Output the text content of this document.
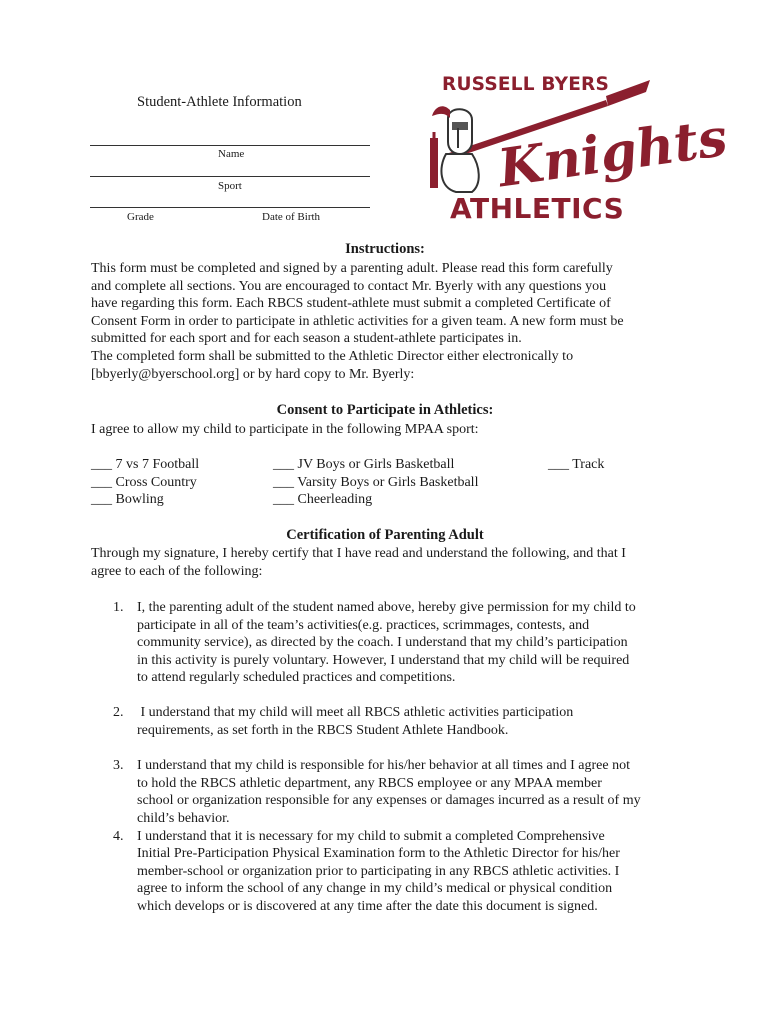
Student-Athlete Information
Name
Sport
Grade	Date of Birth
RUSSELL BYERS
Knights
ATHLETICS
Instructions:

This form must be completed and signed by a parenting adult. Please read this form carefully

and complete all sections. You are encouraged to contact Mr. Byerly with any questions you

have regarding this form. Each RBCS student-athlete must submit a completed Certificate of

Consent Form in order to participate in athletic activities for a given team. A new form must be

submitted for each sport and for each season a student-athlete participates in.

The completed form shall be submitted to the Athletic Director either electronically to

[bbyerly@byerschool.org] or by hard copy to Mr. Byerly:

Consent to Participate in Athletics:
I agree to allow my child to participate in the following MPAA sport:
___ 7 vs 7 Football
___ Cross Country
___ Bowling
___ JV Boys or Girls Basketball
___ Varsity Boys or Girls Basketball
___ Cheerleading
___ Track
Certification of Parenting Adult

Through my signature, I hereby certify that I have read and understand the following, and that I

agree to each of the following:

1. I, the parenting adult of the student named above, hereby give permission for my child to
participate in all of the team’s activities(e.g. practices, scrimmages, contests, and
community service), as directed by the coach. I understand that my child’s participation
in this activity is purely voluntary. However, I understand that my child will be required
to attend regularly scheduled practices and competitions.
2. I understand that my child will meet all RBCS athletic activities participation
requirements, as set forth in the RBCS Student Athlete Handbook.
3. I understand that my child is responsible for his/her behavior at all times and I agree not
to hold the RBCS athletic department, any RBCS employee or any MPAA member
school or organization responsible for any expenses or damages incurred as a result of my
child’s behavior.
4. I understand that it is necessary for my child to submit a completed Comprehensive
Initial Pre-Participation Physical Examination form to the Athletic Director for his/her
member-school or organization prior to participating in any RBCS athletic activities. I
agree to inform the school of any change in my child’s medical or physical condition
which develops or is discovered at any time after the date this document is signed.
